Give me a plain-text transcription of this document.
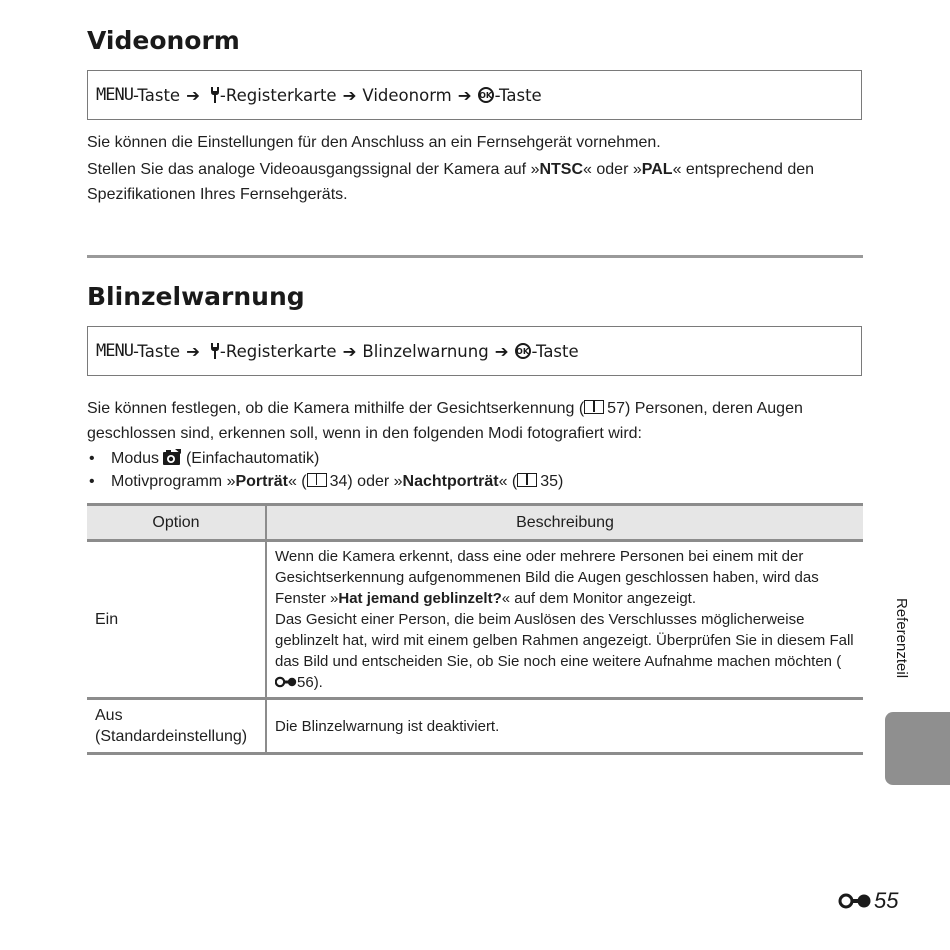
Videonorm
MENU -Taste ➔ -Registerkarte ➔ Videonorm ➔ OK -Taste

Sie können die Einstellungen für den Anschluss an ein Fernsehgerät vornehmen.

Stellen Sie das analoge Videoausgangssignal der Kamera auf »NTSC« oder »PAL« entsprechend den Spezifikationen Ihres Fernsehgeräts.

Blinzelwarnung
MENU -Taste ➔ -Registerkarte ➔ Blinzelwarnung ➔ OK -Taste

Sie können festlegen, ob die Kamera mithilfe der Gesichtserkennung ( 57) Personen, deren Augen geschlossen sind, erkennen soll, wenn in den folgenden Modi fotografiert wird:

• Modus (Einfachautomatik)
• Motivprogramm »Porträt« ( 34) oder »Nachtporträt« ( 35)
Option	Beschreibung
Ein	Wenn die Kamera erkennt, dass eine oder mehrere Personen bei einem mit der Gesichtserkennung aufgenommenen Bild die Augen geschlossen haben, wird das Fenster »Hat jemand geblinzelt?« auf dem Monitor angezeigt.
Das Gesicht einer Person, die beim Auslösen des Verschlusses möglicherweise geblinzelt hat, wird mit einem gelben Rahmen angezeigt. Überprüfen Sie in diesem Fall das Bild und entscheiden Sie, ob Sie noch eine weitere Aufnahme machen möchten (56).
Aus
(Standardeinstellung)	Die Blinzelwarnung ist deaktiviert.
Referenzteil
55
